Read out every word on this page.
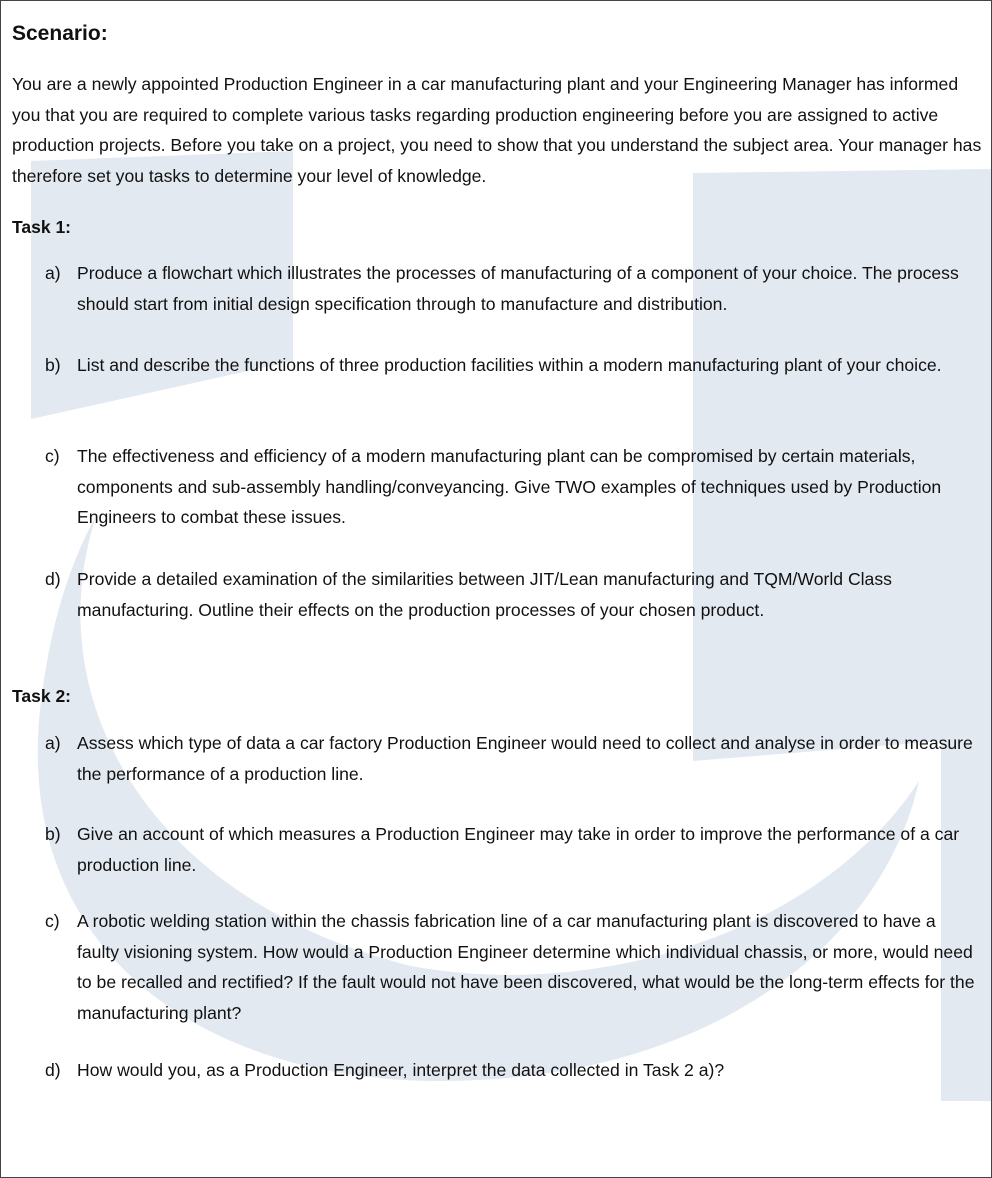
Scenario:

You are a newly appointed Production Engineer in a car manufacturing plant and your Engineering Manager has informed you that you are required to complete various tasks regarding production engineering before you are assigned to active production projects. Before you take on a project, you need to show that you understand the subject area. Your manager has therefore set you tasks to determine your level of knowledge.

Task 1:
a) Produce a flowchart which illustrates the processes of manufacturing of a component of your choice. The process should start from initial design specification through to manufacture and distribution.
b) List and describe the functions of three production facilities within a modern manufacturing plant of your choice.
c) The effectiveness and efficiency of a modern manufacturing plant can be compromised by certain materials, components and sub-assembly handling/conveyancing. Give TWO examples of techniques used by Production Engineers to combat these issues.
d) Provide a detailed examination of the similarities between JIT/Lean manufacturing and TQM/World Class manufacturing. Outline their effects on the production processes of your chosen product.
Task 2:
a) Assess which type of data a car factory Production Engineer would need to collect and analyse in order to measure the performance of a production line.
b) Give an account of which measures a Production Engineer may take in order to improve the performance of a car production line.
c) A robotic welding station within the chassis fabrication line of a car manufacturing plant is discovered to have a faulty visioning system. How would a Production Engineer determine which individual chassis, or more, would need to be recalled and rectified? If the fault would not have been discovered, what would be the long-term effects for the manufacturing plant?
d) How would you, as a Production Engineer, interpret the data collected in Task 2 a)?
